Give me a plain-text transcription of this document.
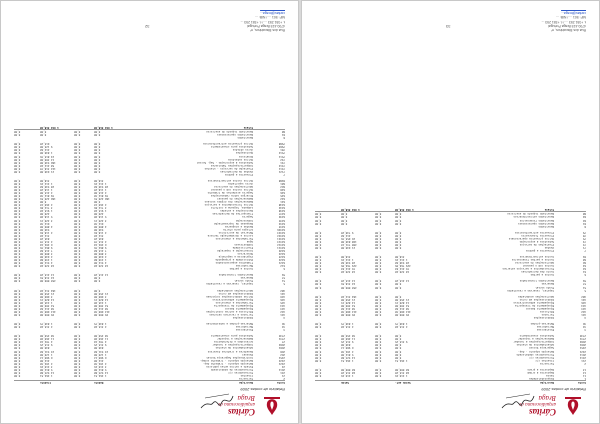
Cáritas
arquidiocesana de
Braga
Relatório de contas 2009
Conta
Descrição
Débito
Crédito
2
Terceiros
21
Clientes
1 264,51
0,00
1 264,51
0,00
221
Fornecedores c/c
14 523,80
0,00
14 523,80
0,00
2611
Fornecedores de imobilizado
5 812,00
0,00
5 812,00
0,00
24
Estado e outros entes públicos
3 210,45
0,00
3 210,45
0,00
2421
Retenção imposto - trabalho dep.
2 104,30
0,00
2 104,30
0,00
2422
Retenção imposto - trabalho indep.
412,00
0,00
412,00
0,00
2451
Contribuições Segurança Social
6 980,12
0,00
6 980,12
0,00
262
Pessoal
1 120,00
0,00
1 120,00
0,00
268
Devedores e credores diversos
22 541,60
0,00
22 541,60
0,00
2681
Adiantamentos de utentes
840,00
0,00
840,00
0,00
2682
Comparticipações a receber
9 315,25
0,00
9 315,25
0,00
27
Acréscimos e diferimentos
4 702,18
0,00
4 702,18
0,00
2731
Remunerações a liquidar
11 460,90
0,00
11 460,90
0,00
2745
Subsídios para investimento
38 250,00
0,00
38 250,00
0,00
3
Existências
32
Mercadorias
2 315,40
0,00
2 315,40
0,00
36
Matérias-primas e subsidiárias
1 840,75
0,00
1 840,75
0,00
4
Imobilizações
421
Terrenos e recursos naturais
95 000,00
0,00
95 000,00
0,00
422
Edifícios e outras construções
412 680,30
0,00
412 680,30
0,00
423
Equipamento básico
38 412,60
0,00
38 412,60
0,00
424
Equipamento de transporte
52 300,00
0,00
52 300,00
0,00
425
Ferramentas e utensílios
1 245,90
0,00
1 245,90
0,00
426
Equipamento administrativo
14 820,15
0,00
14 820,15
0,00
429
Outras imobilizações corpóreas
3 680,00
0,00
3 680,00
0,00
441
Imobilizações em curso
21 450,00
0,00
21 450,00
0,00
482
Amortizações acumuladas
0,00
0,00
184 312,40
0,00
5
Capital, reservas e resultados
51
Fundo social
0,00
0,00
250 000,00
0,00
57
Reservas
0,00
0,00
42 318,55
0,00
59
Resultados transitados
12 415,20
0,00
12 415,20
0,00
6
Custos e perdas
612
Mercadorias
18 320,40
0,00
18 320,40
0,00
6221
Trabalhos especializados
4 512,00
0,00
4 512,00
0,00
6222
Publicidade e propaganda
1 230,80
0,00
1 230,80
0,00
6223
Vigilância e segurança
2 640,00
0,00
2 640,00
0,00
6224
Honorários
3 800,00
0,00
3 800,00
0,00
6226
Conservação e reparação
7 415,60
0,00
7 415,60
0,00
62311
Electricidade
9 862,35
0,00
9 862,35
0,00
62312
Combustíveis
6 204,18
0,00
6 204,18
0,00
62313
Água
2 315,70
0,00
2 315,70
0,00
62321
Ferramentas e utensílios
845,20
0,00
845,20
0,00
62322
Livros e documentação técnica
312,40
0,00
312,40
0,00
62323
Material de escritório
2 118,65
0,00
2 118,65
0,00
62326
Artigos para oferta
540,00
0,00
540,00
0,00
6233
Rendas e alugueres
4 800,00
0,00
4 800,00
0,00
6234
Despesas de representação
612,30
0,00
612,30
0,00
6235
Comunicação
3 420,15
0,00
3 420,15
0,00
6236
Seguros
5 118,90
0,00
5 118,90
0,00
6237
Transportes de mercadorias
420,00
0,00
420,00
0,00
6238
Deslocações e estadas
1 915,40
0,00
1 915,40
0,00
6242
Limpeza, higiene e conforto
3 712,85
0,00
3 712,85
0,00
6248
Outros fornecimentos e serviços
2 260,10
0,00
2 260,10
0,00
641
Remunerações dos órgãos sociais
0,00
0,00
0,00
0,00
642
Remunerações do pessoal
186 420,55
0,00
186 420,55
0,00
645
Encargos sobre remunerações
39 812,30
0,00
39 812,30
0,00
646
Seguros acidentes de trabalho
2 415,00
0,00
2 415,00
0,00
648
Outros custos com o pessoal
1 118,20
0,00
1 118,20
0,00
662
Amortizações do exercício
28 540,60
0,00
28 540,60
0,00
681
Juros suportados
1 212,45
0,00
1 212,45
0,00
6988
Outros custos extraordinários
318,00
0,00
318,00
0,00
7
Proveitos e ganhos
7121
Vendas de mercadorias
0,00
0,00
21 640,00
0,00
7211
Prestação de serviços - utentes
0,00
0,00
142 318,70
0,00
7212
Comparticipações familiares
0,00
0,00
58 412,40
0,00
741
Subsídios à exploração - Seg. Social
0,00
0,00
186 540,00
0,00
742
Outros subsídios
0,00
0,00
12 300,00
0,00
7511
Donativos
0,00
0,00
24 815,35
0,00
7512
Quotizações
0,00
0,00
1 840,00
0,00
781
Juros obtidos
0,00
0,00
412,60
0,00
7983
Subsídios para investimento
0,00
0,00
9 125,00
0,00
7988
Outros proveitos extraordinários
0,00
0,00
615,20
0,00
8
Resultados
81
Resultados operacionais
0,00
0,00
0,00
0,00
88
Resultado líquido do exercício
0,00
0,00
0,00
0,00
Totais
1 642 318,40
1 642 318,40
Rua dos Biscainhos, nº
4700-415 Braga Portugal
t. +351 253 ... / f. +351 253 ...
NIF: 501 ... / NIB: ...
caritas@braga...
32
Cáritas
arquidiocesana de
Braga
Relatório de contas 2009
Conta
Descrição
Saldo ant.
Saldo
1
Disponibilidades
11
Caixa
1 210,45
0,00
1 210,45
0,00
12
Depósitos à ordem
48 315,20
0,00
48 315,20
0,00
13
Depósitos a prazo
60 000,00
0,00
60 000,00
0,00
2
Terceiros
211
Clientes c/c
1 264,51
0,00
1 264,51
0,00
2211
Fornecedores c/c
0,00
0,00
14 523,80
0,00
2611
Fornecedores imobilizado
0,00
0,00
5 812,00
0,00
2421
Retenção imposto - dep.
0,00
0,00
2 104,30
0,00
2451
Segurança Social
0,00
0,00
6 980,12
0,00
2681
Adiantamentos de utentes
0,00
0,00
840,00
0,00
2682
Comparticipações a receber
9 315,25
0,00
9 315,25
0,00
2731
Remunerações a liquidar
0,00
0,00
11 460,90
0,00
2745
Subsídios investimento
0,00
0,00
38 250,00
0,00
3
Existências
32
Mercadorias
2 315,40
0,00
2 315,40
0,00
36
Matérias-primas
1 840,75
0,00
1 840,75
0,00
4
Imobilizações
421
Terrenos
95 000,00
0,00
95 000,00
0,00
422
Edifícios
412 680,30
0,00
412 680,30
0,00
423
Equipamento básico
38 412,60
0,00
38 412,60
0,00
424
Equipamento de transporte
52 300,00
0,00
52 300,00
0,00
426
Equipamento administrativo
14 820,15
0,00
14 820,15
0,00
441
Imobilizações em curso
21 450,00
0,00
21 450,00
0,00
482
Amortizações acumuladas
0,00
0,00
184 312,40
0,00
5
Capital, reservas e resultados
51
Fundo social
0,00
0,00
250 000,00
0,00
57
Reservas
0,00
0,00
42 318,55
0,00
59
Resultados transitados
12 415,20
0,00
12 415,20
0,00
6
Custos e perdas
61
Custo das mercadorias
18 320,40
0,00
18 320,40
0,00
62
Fornecimentos e serviços externos
76 412,83
0,00
76 412,83
0,00
64
Custos com o pessoal
229 766,05
0,00
229 766,05
0,00
66
Amortizações do exercício
28 540,60
0,00
28 540,60
0,00
68
Custos e perdas financeiros
1 212,45
0,00
1 212,45
0,00
69
Custos extraordinários
318,00
0,00
318,00
0,00
7
Proveitos e ganhos
71
Vendas
0,00
0,00
21 640,00
0,00
72
Prestações de serviços
0,00
0,00
200 731,10
0,00
74
Subsídios à exploração
0,00
0,00
198 840,00
0,00
75
Outros proveitos operacionais
0,00
0,00
26 655,35
0,00
78
Proveitos financeiros
0,00
0,00
412,60
0,00
79
Proveitos extraordinários
0,00
0,00
9 740,20
0,00
8
Resultados
81
Resultados operacionais
0,00
0,00
0,00
0,00
82
Resultados financeiros
0,00
0,00
0,00
0,00
84
Resultados extraordinários
0,00
0,00
0,00
0,00
88
Resultado líquido do exercício
0,00
0,00
0,00
0,00
Totais
1 642 318,40
1 642 318,40
Rua dos Biscainhos, nº
4700-415 Braga Portugal
t. +351 253 ... / f. +351 253 ...
NIF: 501 ... / NIB: ...
caritas@braga...
33
